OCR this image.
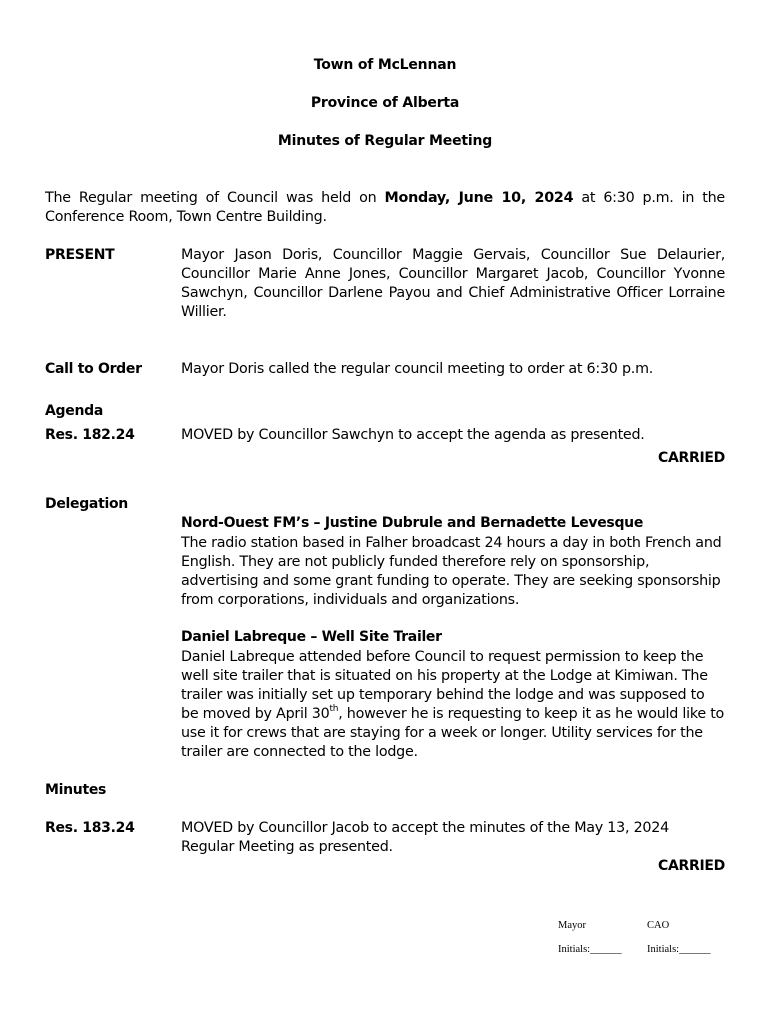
Town of McLennan
Province of Alberta
Minutes of Regular Meeting
The Regular meeting of Council was held on Monday, June 10, 2024 at 6:30 p.m. in the Conference Room, Town Centre Building.
PRESENT	Mayor Jason Doris, Councillor Maggie Gervais, Councillor Sue Delaurier, Councillor Marie Anne Jones, Councillor Margaret Jacob, Councillor Yvonne Sawchyn, Councillor Darlene Payou and Chief Administrative Officer Lorraine Willier.
Call to Order	Mayor Doris called the regular council meeting to order at 6:30 p.m.
Agenda
Res. 182.24	MOVED by Councillor Sawchyn to accept the agenda as presented.
CARRIED
Delegation
Nord-Ouest FM’s – Justine Dubrule and Bernadette Levesque
The radio station based in Falher broadcast 24 hours a day in both French and English. They are not publicly funded therefore rely on sponsorship, advertising and some grant funding to operate. They are seeking sponsorship from corporations, individuals and organizations.
Daniel Labreque – Well Site Trailer
Daniel Labreque attended before Council to request permission to keep the well site trailer that is situated on his property at the Lodge at Kimiwan. The trailer was initially set up temporary behind the lodge and was supposed to be moved by April 30th, however he is requesting to keep it as he would like to use it for crews that are staying for a week or longer. Utility services for the trailer are connected to the lodge.
Minutes
Res. 183.24	MOVED by Councillor Jacob to accept the minutes of the May 13, 2024 Regular Meeting as presented.
CARRIED
Mayor	CAO
Initials:______ Initials:______
